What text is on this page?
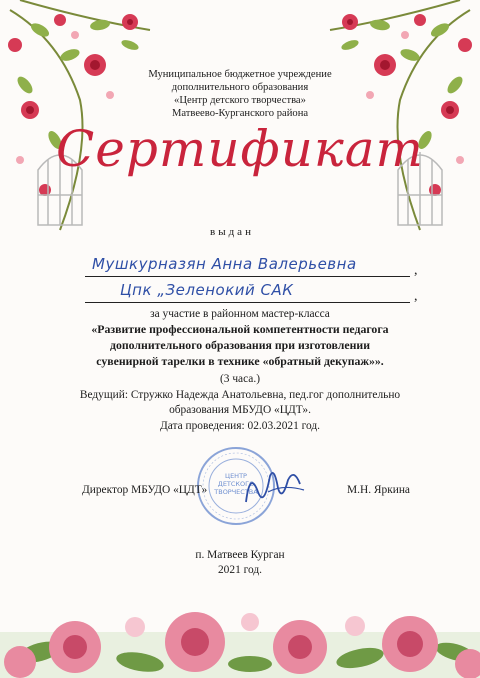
Муниципальное бюджетное учреждение
дополнительного образования
«Центр детского творчества»
Матвеево-Курганского района
Сертификат
выдан
Мушкурназян Анна Валерьевна	,
Цпк „Зеленокий САК	,
за участие в районном мастер-класса
«Развитие профессиональной компетентности педагога
дополнительного образования при изготовлении
сувенирной тарелки в технике «обратный декупаж»».
(3 часа.)
Ведущий: Стружко Надежда Анатольевна, пед.гог дополнительно
образования МБУДО «ЦДТ».
Дата проведения: 02.03.2021 год.
ЦЕНТР ДЕТСКОГО ТВОРЧЕСТВА
Директор МБУДО «ЦДТ»	М.Н. Яркина
п. Матвеев Курган
2021 год.
